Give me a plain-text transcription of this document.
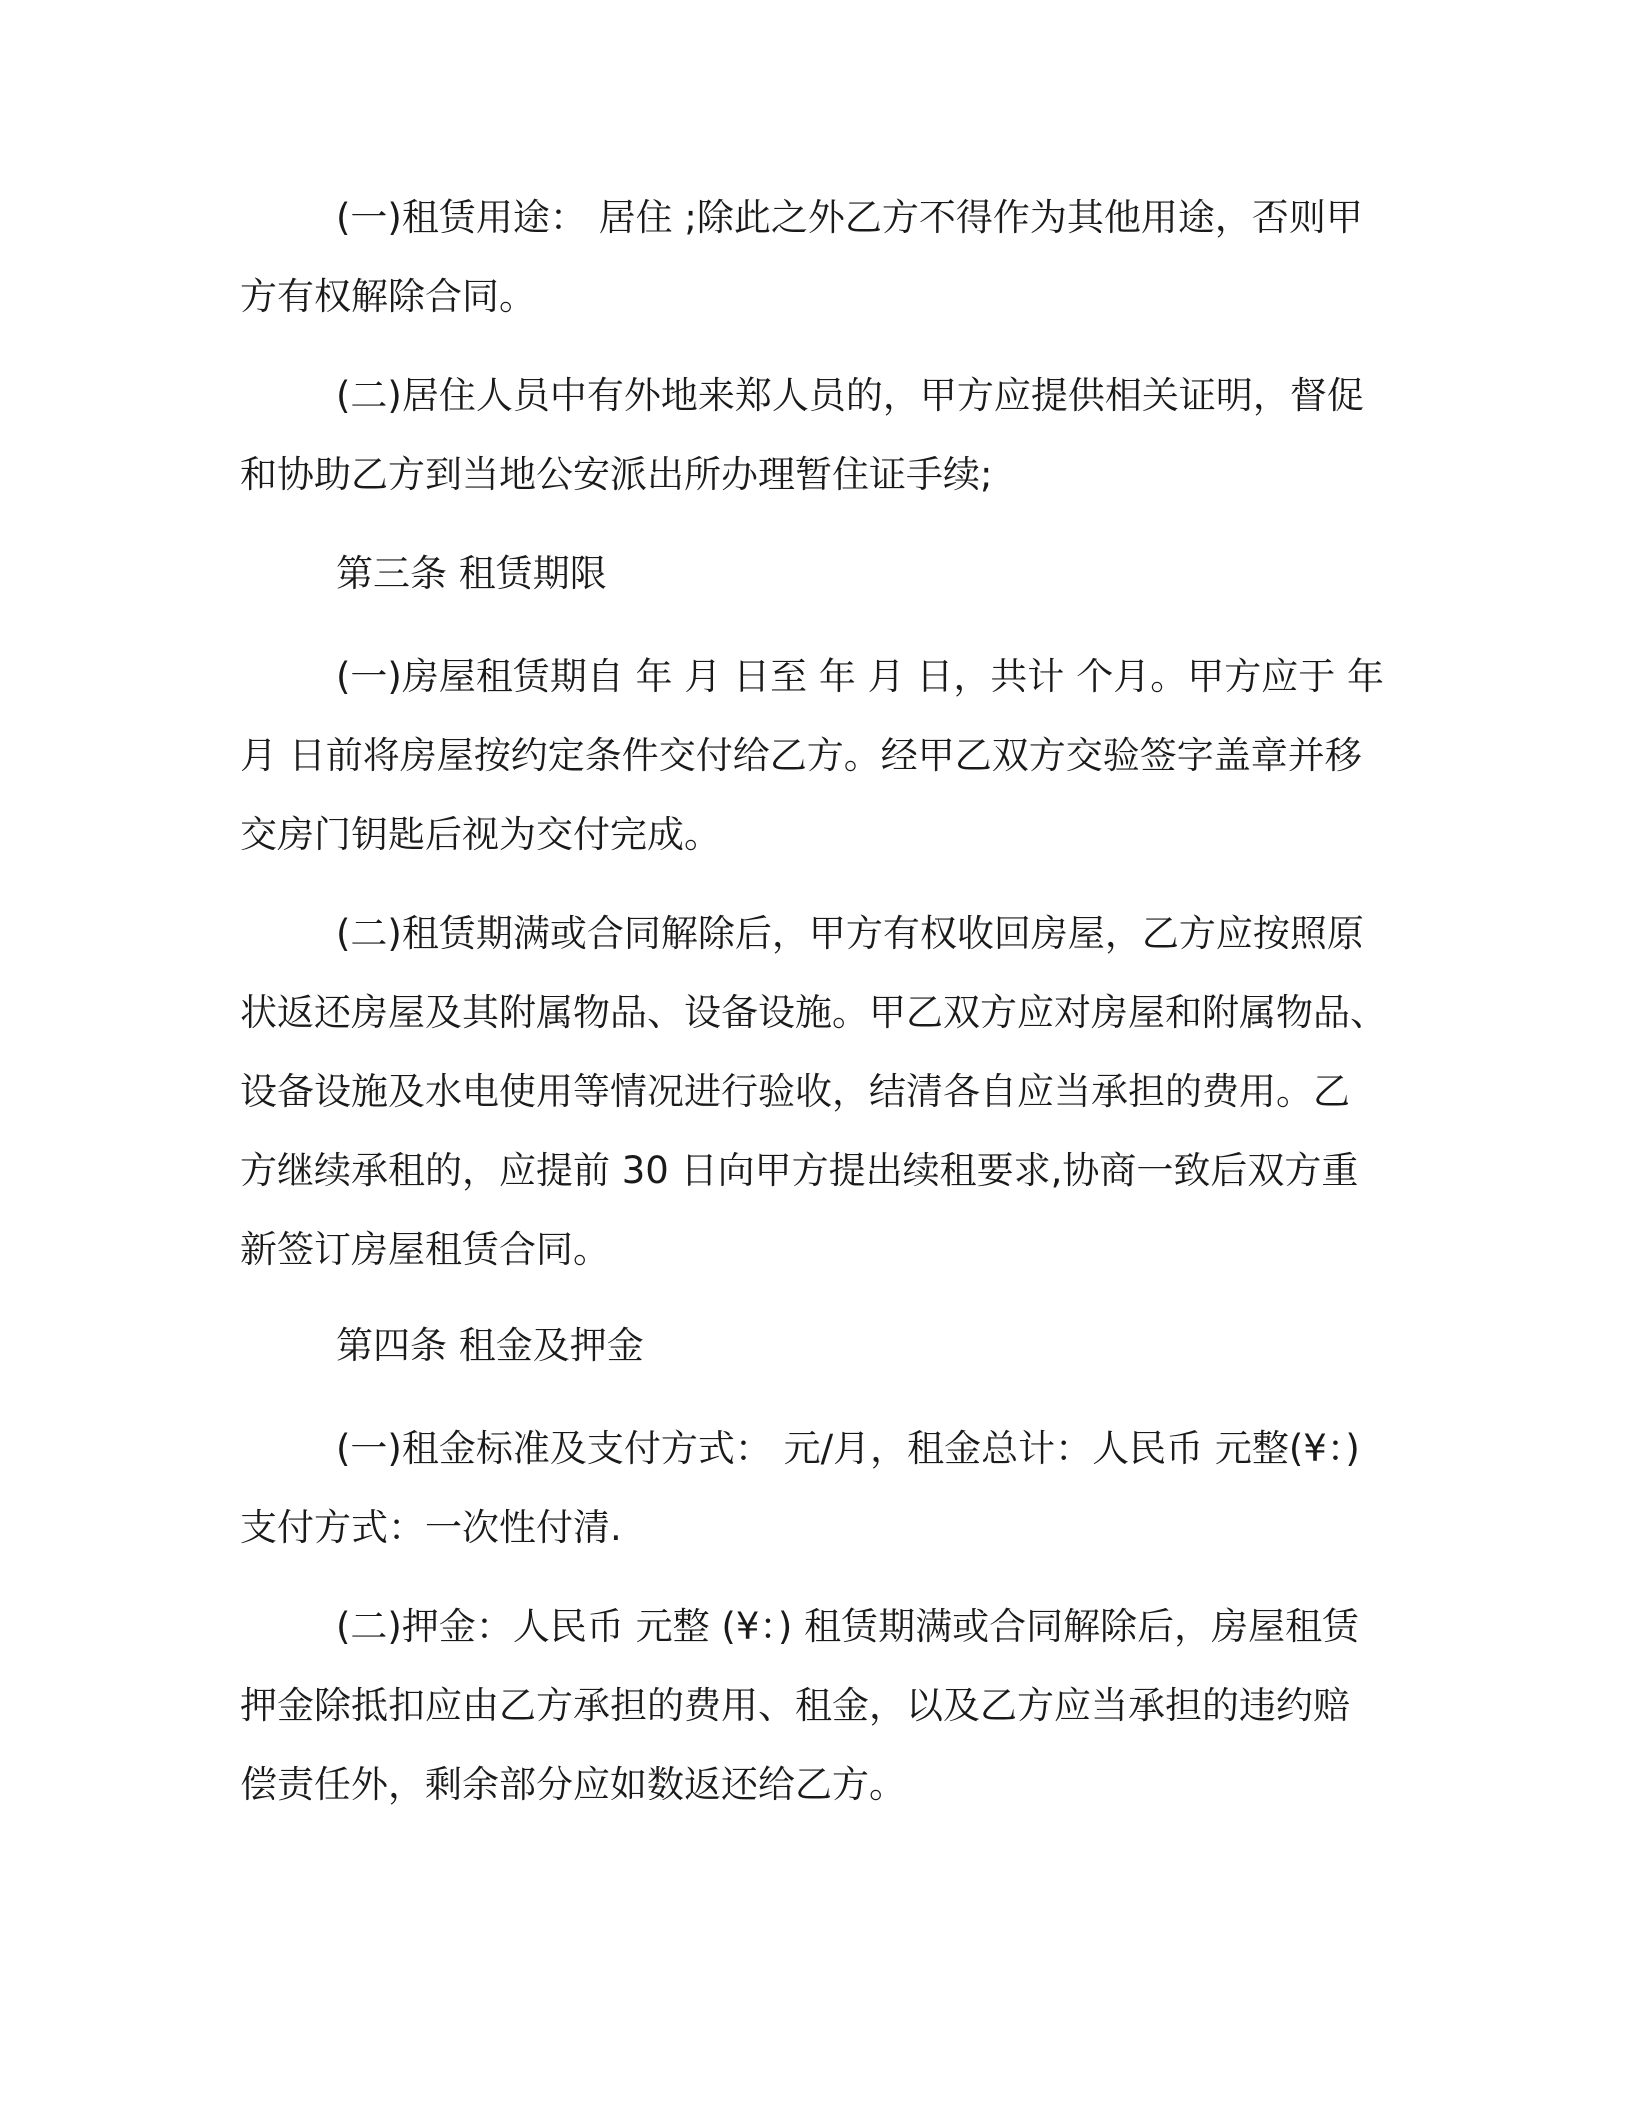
(一)租赁用途： 居住 ;除此之外乙方不得作为其他用途，否则甲
方有权解除合同。
(二)居住人员中有外地来郑人员的，甲方应提供相关证明，督促
和协助乙方到当地公安派出所办理暂住证手续;
第三条 租赁期限
(一)房屋租赁期自 年 月 日至 年 月 日，共计 个月。甲方应于 年
月 日前将房屋按约定条件交付给乙方。经甲乙双方交验签字盖章并移
交房门钥匙后视为交付完成。
(二)租赁期满或合同解除后，甲方有权收回房屋，乙方应按照原
状返还房屋及其附属物品、设备设施。甲乙双方应对房屋和附属物品、
设备设施及水电使用等情况进行验收，结清各自应当承担的费用。乙
方继续承租的，应提前 30 日向甲方提出续租要求,协商一致后双方重
新签订房屋租赁合同。
第四条 租金及押金
(一)租金标准及支付方式： 元/月，租金总计：人民币 元整(¥：)
支付方式：一次性付清.
(二)押金：人民币 元整 (¥：) 租赁期满或合同解除后，房屋租赁
押金除抵扣应由乙方承担的费用、租金，以及乙方应当承担的违约赔
偿责任外，剩余部分应如数返还给乙方。
